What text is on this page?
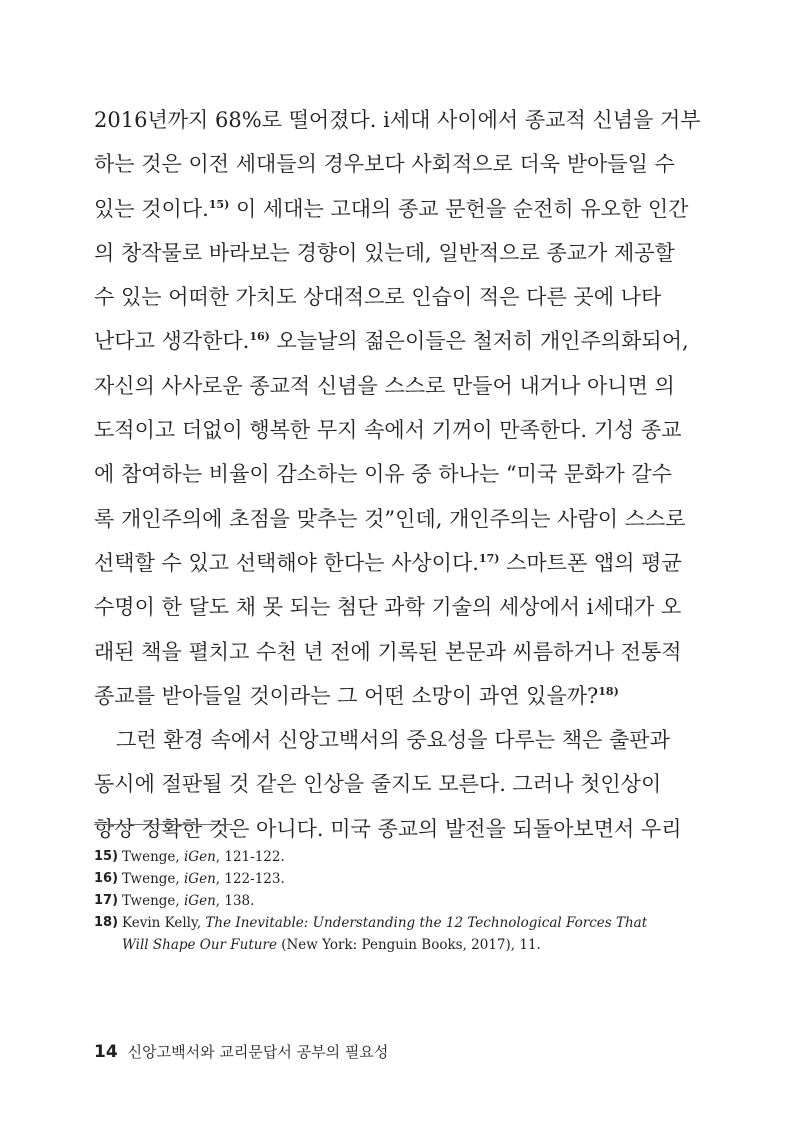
2016년까지 68%로 떨어졌다. i세대 사이에서 종교적 신념을 거부
하는 것은 이전 세대들의 경우보다 사회적으로 더욱 받아들일 수
있는 것이다.$^{15)}$ 이 세대는 고대의 종교 문헌을 순전히 유오한 인간
의 창작물로 바라보는 경향이 있는데, 일반적으로 종교가 제공할
수 있는 어떠한 가치도 상대적으로 인습이 적은 다른 곳에 나타
난다고 생각한다.$^{16)}$ 오늘날의 젊은이들은 철저히 개인주의화되어,
자신의 사사로운 종교적 신념을 스스로 만들어 내거나 아니면 의
도적이고 더없이 행복한 무지 속에서 기꺼이 만족한다. 기성 종교
에 참여하는 비율이 감소하는 이유 중 하나는 “미국 문화가 갈수
록 개인주의에 초점을 맞추는 것”인데, 개인주의는 사람이 스스로
선택할 수 있고 선택해야 한다는 사상이다.$^{17)}$ 스마트폰 앱의 평균
수명이 한 달도 채 못 되는 첨단 과학 기술의 세상에서 i세대가 오
래된 책을 펼치고 수천 년 전에 기록된 본문과 씨름하거나 전통적
종교를 받아들일 것이라는 그 어떤 소망이 과연 있을까?$^{18)}$
그런 환경 속에서 신앙고백서의 중요성을 다루는 책은 출판과
동시에 절판될 것 같은 인상을 줄지도 모른다. 그러나 첫인상이
항상 정확한 것은 아니다. 미국 종교의 발전을 되돌아보면서 우리
15) Twenge, iGen, 121-122.
16) Twenge, iGen, 122-123.
17) Twenge, iGen, 138.
18) Kevin Kelly, The Inevitable: Understanding the 12 Technological Forces That
Will Shape Our Future (New York: Penguin Books, 2017), 11.
14 신앙고백서와 교리문답서 공부의 필요성
